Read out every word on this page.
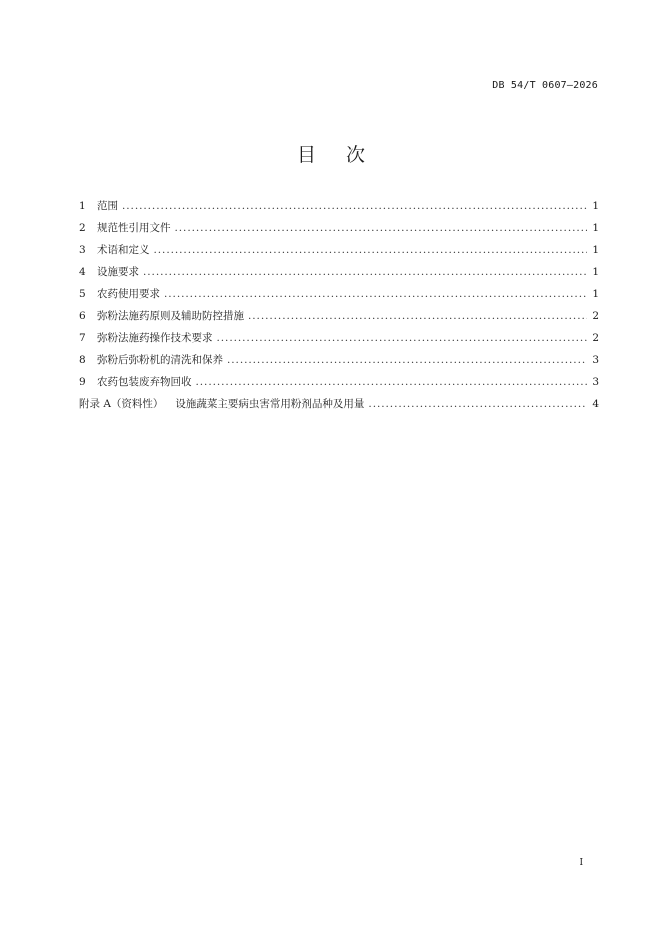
DB 54/T 0607—2026
目 次
1	范围 . . .	1
2	规范性引用文件 . . .	1
3	术语和定义 . . .	1
4	设施要求 . . .	1
5	农药使用要求 . . .	1
6	弥粉法施药原则及辅助防控措施 . . .	2
7	弥粉法施药操作技术要求 . . .	2
8	弥粉后弥粉机的清洗和保养 . . .	3
9	农药包装废弃物回收 . . .	3
附录 A（资料性） 设施蔬菜主要病虫害常用粉剂品种及用量 . . .	4
I
